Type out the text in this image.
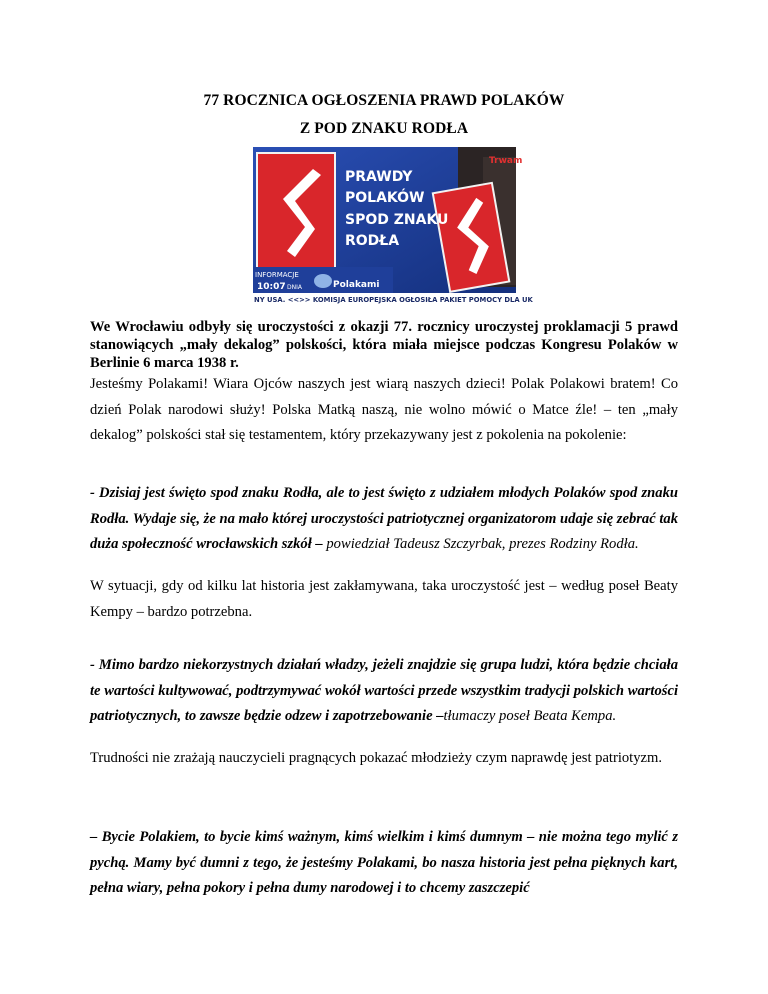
77 ROCZNICA OGŁOSZENIA PRAWD POLAKÓW
Z POD ZNAKU RODŁA
PRAWDY
POLAKÓW
SPOD ZNAKU
RODŁA
Trwam
INFORMACJE
10:07 DNIA	Polakami
NY USA. <<>> KOMISJA EUROPEJSKA OGŁOSIŁA PAKIET POMOCY DLA UK
We Wrocławiu odbyły się uroczystości z okazji 77. rocznicy uroczystej proklamacji 5 prawd stanowiących „mały dekalog” polskości, która miała miejsce podczas Kongresu Polaków w Berlinie 6 marca 1938 r.
Jesteśmy Polakami! Wiara Ojców naszych jest wiarą naszych dzieci! Polak Polakowi bratem! Co dzień Polak narodowi służy! Polska Matką naszą, nie wolno mówić o Matce źle! – ten „mały dekalog” polskości stał się testamentem, który przekazywany jest z pokolenia na pokolenie:
- Dzisiaj jest święto spod znaku Rodła, ale to jest święto z udziałem młodych Polaków spod znaku Rodła. Wydaje się, że na mało której uroczystości patriotycznej organizatorom udaje się zebrać tak duża społeczność wrocławskich szkół – powiedział Tadeusz Szczyrbak, prezes Rodziny Rodła.
W sytuacji, gdy od kilku lat historia jest zakłamywana, taka uroczystość jest – według poseł Beaty Kempy – bardzo potrzebna.
- Mimo bardzo niekorzystnych działań władzy, jeżeli znajdzie się grupa ludzi, która będzie chciała te wartości kultywować, podtrzymywać wokół wartości przede wszystkim tradycji polskich wartości patriotycznych, to zawsze będzie odzew i zapotrzebowanie –tłumaczy poseł Beata Kempa.
Trudności nie zrażają nauczycieli pragnących pokazać młodzieży czym naprawdę jest patriotyzm.
– Bycie Polakiem, to bycie kimś ważnym, kimś wielkim i kimś dumnym – nie można tego mylić z pychą. Mamy być dumni z tego, że jesteśmy Polakami, bo nasza historia jest pełna pięknych kart, pełna wiary, pełna pokory i pełna dumy narodowej i to chcemy zaszczepić
